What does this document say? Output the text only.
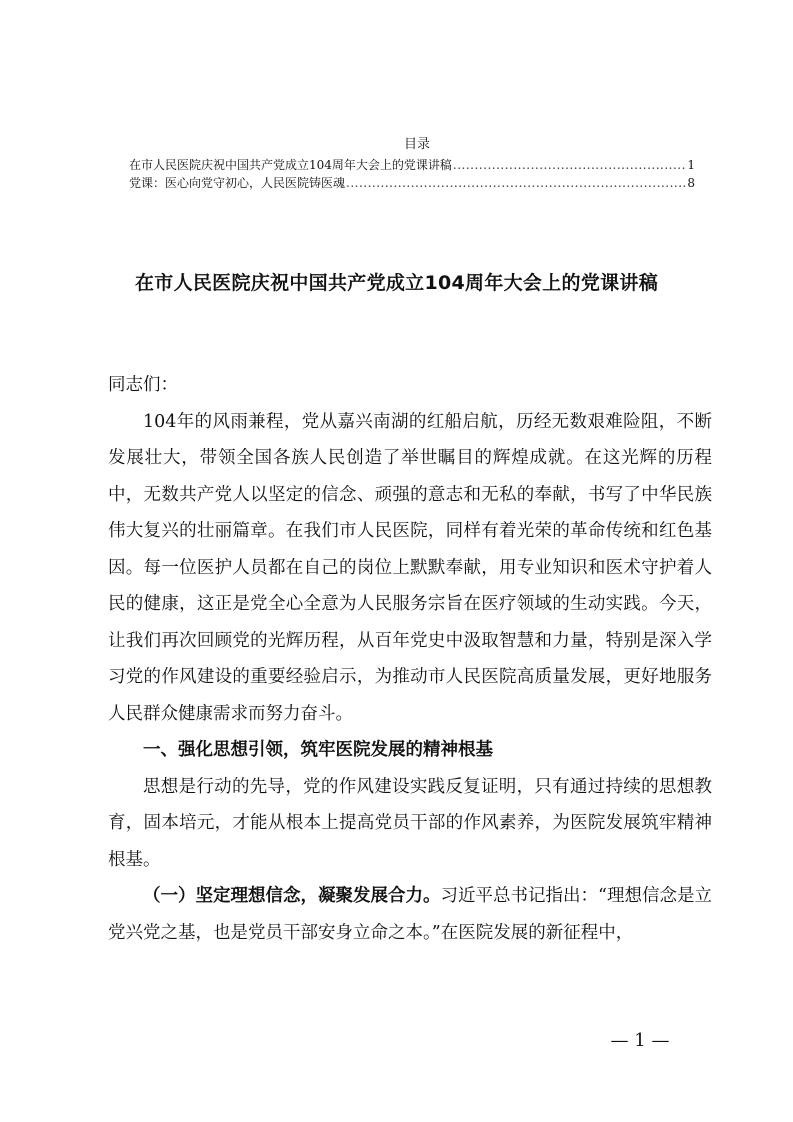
目录
在市人民医院庆祝中国共产党成立104周年大会上的党课讲稿 .....	1
党课：医心向党守初心，人民医院铸医魂 .....	8
在市人民医院庆祝中国共产党成立104周年大会上的党课讲稿

同志们：

104年的风雨兼程，党从嘉兴南湖的红船启航，历经无数艰难险阻，不断发展壮大，带领全国各族人民创造了举世瞩目的辉煌成就。在这光辉的历程中，无数共产党人以坚定的信念、顽强的意志和无私的奉献，书写了中华民族伟大复兴的壮丽篇章。在我们市人民医院，同样有着光荣的革命传统和红色基因。每一位医护人员都在自己的岗位上默默奉献，用专业知识和医术守护着人民的健康，这正是党全心全意为人民服务宗旨在医疗领域的生动实践。今天，让我们再次回顾党的光辉历程，从百年党史中汲取智慧和力量，特别是深入学习党的作风建设的重要经验启示，为推动市人民医院高质量发展，更好地服务人民群众健康需求而努力奋斗。

一、强化思想引领，筑牢医院发展的精神根基

思想是行动的先导，党的作风建设实践反复证明，只有通过持续的思想教育，固本培元，才能从根本上提高党员干部的作风素养，为医院发展筑牢精神根基。

（一）坚定理想信念，凝聚发展合力。习近平总书记指出：“理想信念是立党兴党之基，也是党员干部安身立命之本。”在医院发展的新征程中，

— 1 —
